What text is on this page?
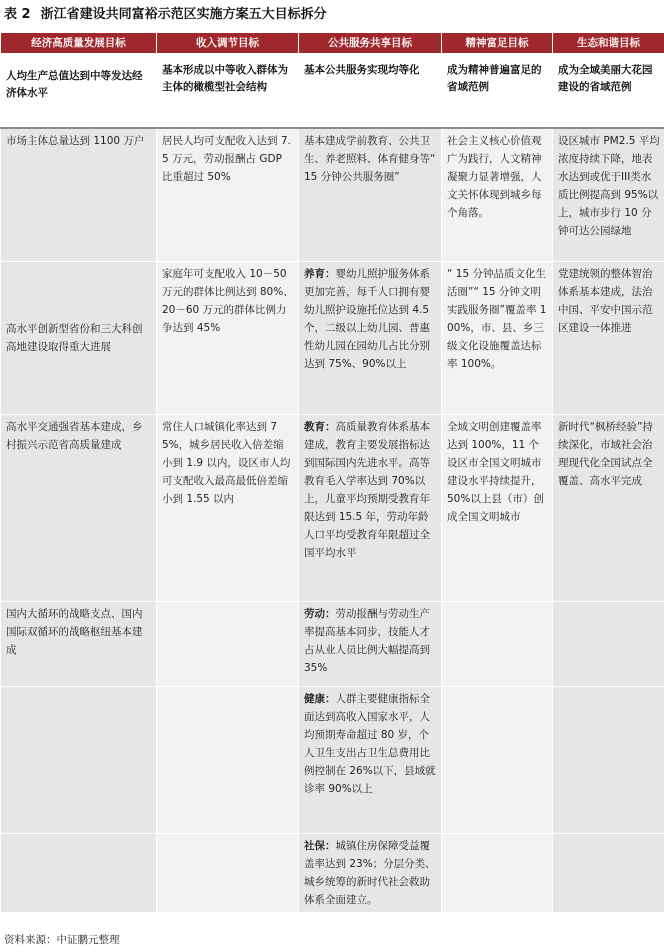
表 2 浙江省建设共同富裕示范区实施方案五大目标拆分
经济高质量发展目标	收入调节目标	公共服务共享目标	精神富足目标	生态和谐目标
人均生产总值达到中等发达经济体水平	基本形成以中等收入群体为主体的橄榄型社会结构	基本公共服务实现均等化	成为精神普遍富足的省域范例	成为全域美丽大花园建设的省域范例
市场主体总量达到 1100 万户	居民人均可支配收入达到 7.5 万元，劳动报酬占 GDP 比重超过 50%	基本建成学前教育、公共卫生、养老照料、体育健身等“ 15 分钟公共服务圈”	社会主义核心价值观广为践行，人文精神凝聚力显著增强，人文关怀体现到城乡每个角落。	设区城市 PM2.5 平均浓度持续下降，地表水达到或优于III类水质比例提高到 95%以上，城市步行 10 分钟可达公园绿地
高水平创新型省份和三大科创高地建设取得重大进展	家庭年可支配收入 10－50 万元的群体比例达到 80%、20－60 万元的群体比例力争达到 45%	养育：婴幼儿照护服务体系更加完善，每千人口拥有婴幼儿照护设施托位达到 4.5 个，二级以上幼儿园、普惠性幼儿园在园幼儿占比分别达到 75%、90%以上	“ 15 分钟品质文化生活圈”“ 15 分钟文明实践服务圈”覆盖率 100%，市、县、乡三级文化设施覆盖达标率 100%。	党建统领的整体智治体系基本建成，法治中国、平安中国示范区建设一体推进
高水平交通强省基本建成，乡村振兴示范省高质量建成	常住人口城镇化率达到 75%，城乡居民收入倍差缩小到 1.9 以内，设区市人均可支配收入最高最低倍差缩小到 1.55 以内	教育：高质量教育体系基本建成，教育主要发展指标达到国际国内先进水平。高等教育毛入学率达到 70%以上，儿童平均预期受教育年限达到 15.5 年，劳动年龄人口平均受教育年限超过全国平均水平	全域文明创建覆盖率达到 100%，11 个设区市全国文明城市建设水平持续提升，50%以上县（市）创成全国文明城市	新时代“枫桥经验”持续深化，市域社会治理现代化全国试点全覆盖、高水平完成
国内大循环的战略支点、国内国际双循环的战略枢纽基本建成		劳动：劳动报酬与劳动生产率提高基本同步，技能人才占从业人员比例大幅提高到 35%		
		健康：人群主要健康指标全面达到高收入国家水平，人均预期寿命超过 80 岁，个人卫生支出占卫生总费用比例控制在 26%以下，县域就诊率 90%以上		
		社保：城镇住房保障受益覆盖率达到 23%；分层分类、城乡统筹的新时代社会救助体系全面建立。		
资料来源：中证鹏元整理
